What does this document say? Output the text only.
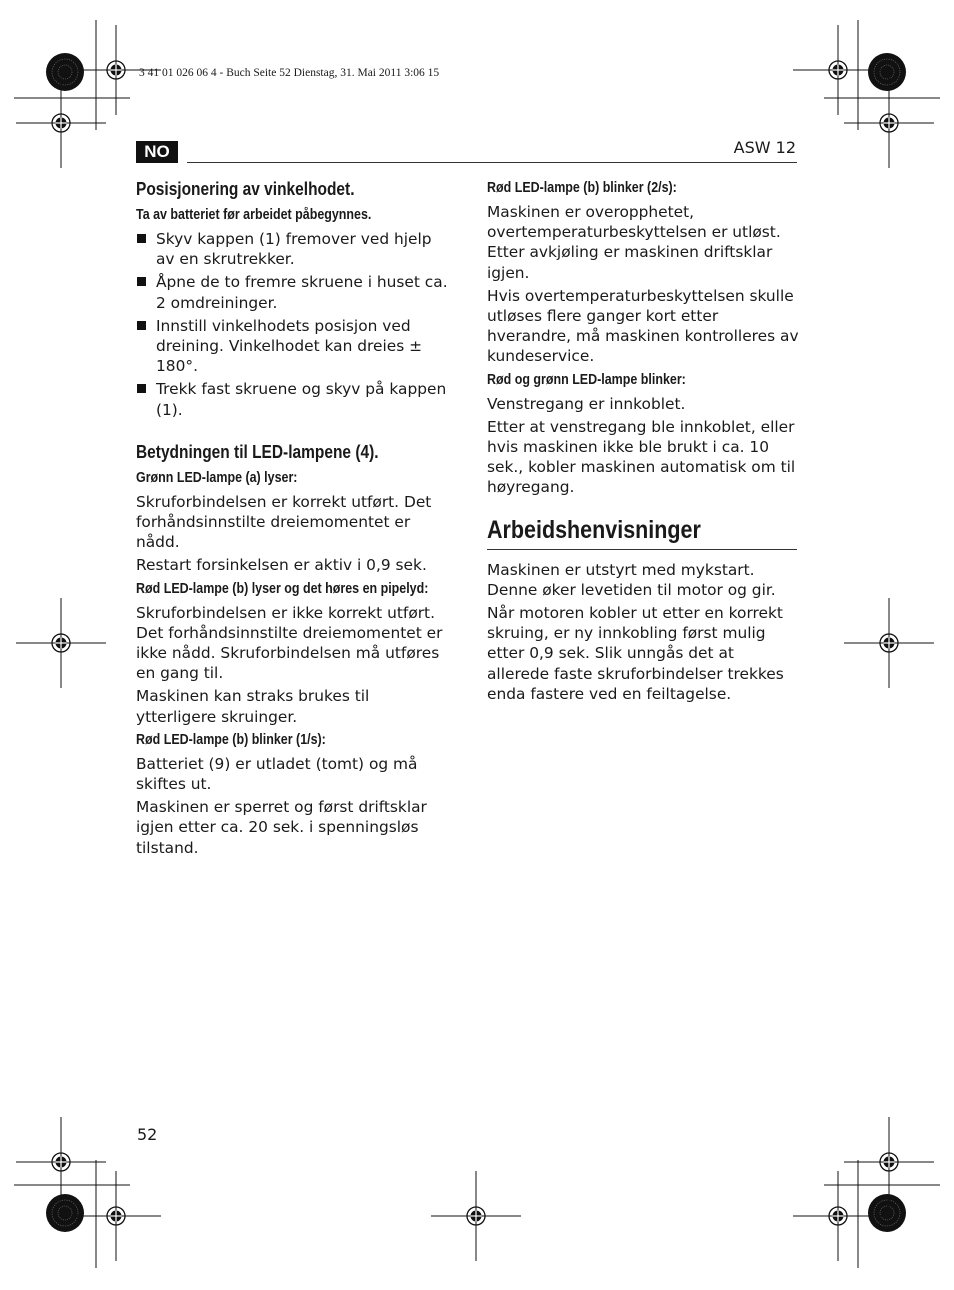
3 41 01 026 06 4 - Buch Seite 52 Dienstag, 31. Mai 2011 3:06 15
NO	ASW 12
Posisjonering av vinkelhodet.
Ta av batteriet før arbeidet påbegynnes.
Skyv kappen (1) fremover ved hjelp av en skrutrekker.
Åpne de to fremre skruene i huset ca. 2 omdreininger.
Innstill vinkelhodets posisjon ved dreining. Vinkelhodet kan dreies ± 180°.
Trekk fast skruene og skyv på kappen (1).
Betydningen til LED-lampene (4).
Grønn LED-lampe (a) lyser:

Skruforbindelsen er korrekt utført. Det forhåndsinnstilte dreiemomentet er nådd.

Restart forsinkelsen er aktiv i 0,9 sek.

Rød LED-lampe (b) lyser og det høres en pipelyd:

Skruforbindelsen er ikke korrekt utført. Det forhåndsinnstilte dreiemomentet er ikke nådd. Skruforbindelsen må utføres en gang til.

Maskinen kan straks brukes til ytterligere skruinger.

Rød LED-lampe (b) blinker (1/s):

Batteriet (9) er utladet (tomt) og må skiftes ut.

Maskinen er sperret og først driftsklar igjen etter ca. 20 sek. i spenningsløs tilstand.

Rød LED-lampe (b) blinker (2/s):

Maskinen er overopphetet, overtemperaturbeskyttelsen er utløst. Etter avkjøling er maskinen driftsklar igjen.

Hvis overtemperaturbeskyttelsen skulle utløses flere ganger kort etter hverandre, må maskinen kontrolleres av kundeservice.

Rød og grønn LED-lampe blinker:

Venstregang er innkoblet.

Etter at venstregang ble innkoblet, eller hvis maskinen ikke ble brukt i ca. 10 sek., kobler maskinen automatisk om til høyregang.

Arbeidshenvisninger

Maskinen er utstyrt med mykstart. Denne øker levetiden til motor og gir.

Når motoren kobler ut etter en korrekt skruing, er ny innkobling først mulig etter 0,9 sek. Slik unngås det at allerede faste skruforbindelser trekkes enda fastere ved en feiltagelse.

52
